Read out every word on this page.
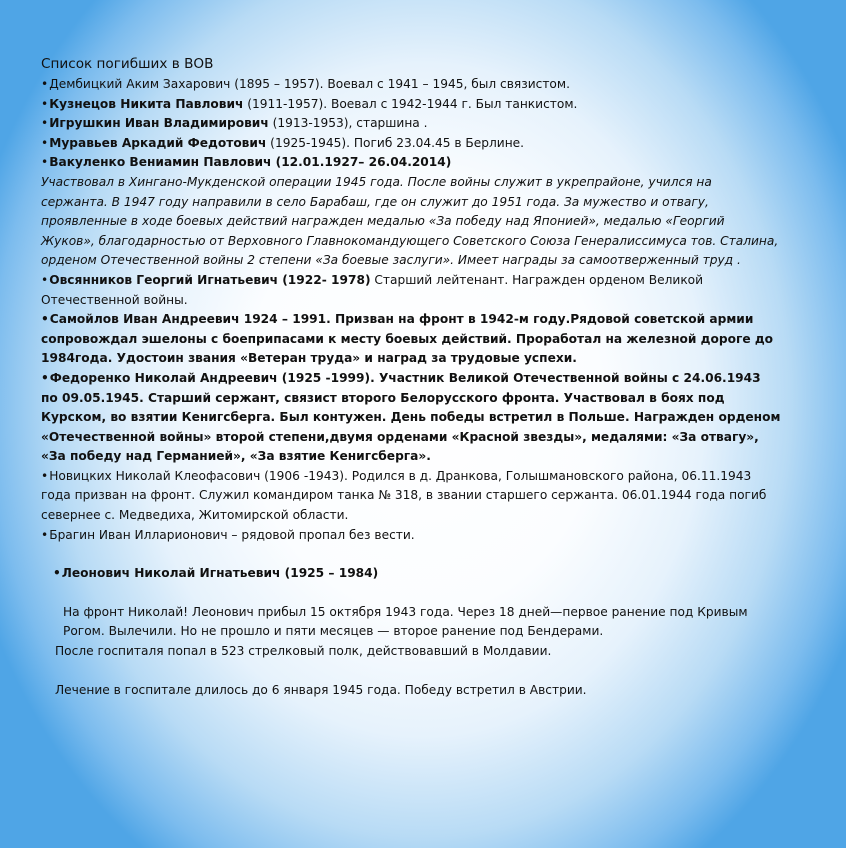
Список погибших в ВОВ

• Дембицкий Аким Захарович (1895 – 1957). Воевал с 1941 – 1945, был связистом.

• Кузнецов Никита Павлович (1911-1957). Воевал с 1942-1944 г. Был танкистом.

• Игрушкин Иван Владимирович (1913-1953), старшина .

• Муравьев Аркадий Федотович (1925-1945). Погиб 23.04.45 в Берлине.

• Вакуленко Вениамин Павлович (12.01.1927– 26.04.2014)

Участвовал в Хингано-Мукденской операции 1945 года. После войны служит в укрепрайоне, учился на сержанта. В 1947 году направили в село Барабаш, где он служит до 1951 года. За мужество и отвагу, проявленные в ходе боевых действий награжден медалью «За победу над Японией», медалью «Георгий Жуков», благодарностью от Верховного Главнокомандующего Советского Союза Генералиссимуса тов. Сталина, орденом Отечественной войны 2 степени «За боевые заслуги». Имеет награды за самоотверженный труд .

• Овсянников Георгий Игнатьевич (1922- 1978) Старший лейтенант. Награжден орденом Великой Отечественной войны.

• Самойлов Иван Андреевич 1924 – 1991. Призван на фронт в 1942-м году.Рядовой советской армии сопровождал эшелоны с боеприпасами к месту боевых действий. Проработал на железной дороге до 1984года. Удостоин звания «Ветеран труда» и наград за трудовые успехи.

• Федоренко Николай Андреевич (1925 -1999). Участник Великой Отечественной войны с 24.06.1943 по 09.05.1945. Старший сержант, связист второго Белорусского фронта. Участвовал в боях под Курском, во взятии Кенигсберга. Был контужен. День победы встретил в Польше. Награжден орденом «Отечественной войны» второй степени,двумя орденами «Красной звезды», медалями: «За отвагу», «За победу над Германией», «За взятие Кенигсберга».

• Новицких Николай Клеофасович (1906 -1943). Родился в д. Дранкова, Голышмановского района, 06.11.1943 года призван на фронт. Служил командиром танка № 318, в звании старшего сержанта. 06.01.1944 года погиб севернее с. Медведиха, Житомирской области.

• Брагин Иван Илларионович – рядовой пропал без вести.

• Леонович Николай Игнатьевич (1925 – 1984)

На фронт Николай! Леонович прибыл 15 октября 1943 года. Через 18 дней—первое ранение под Кривым Рогом. Вылечили. Но не прошло и пяти месяцев — второе ранение под Бендерами.

После госпиталя попал в 523 стрелковый полк, действовавший в Молдавии.

Лечение в госпитале длилось до 6 января 1945 года. Победу встретил в Австрии.
